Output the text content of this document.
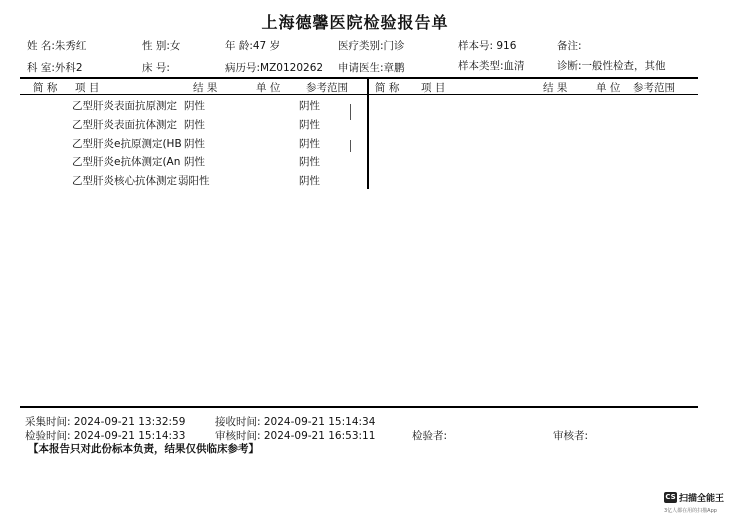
上海德馨医院检验报告单
姓 名:朱秀红	性 别:女	年 龄:47 岁	医疗类别:门诊	样本号: 916	备注:
科 室:外科2	床 号:	病历号:MZ0120262 申请医生:章鹏	样本类型:血清	诊断:一般性检查，其他
简 称 项 目	结 果	单 位 参考范围	简 称 项 目	结 果	单 位 参考范围
乙型肝炎表面抗原测定 阴性	阴性
乙型肝炎表面抗体测定 阴性	阴性
乙型肝炎e抗原测定(HB 阴性	阴性
乙型肝炎e抗体测定(An 阴性	阴性
乙型肝炎核心抗体测定 弱阳性	阴性
采集时间: 2024-09-21 13:32:59	接收时间: 2024-09-21 15:14:34
检验时间: 2024-09-21 15:14:33	审核时间: 2024-09-21 16:53:11	检验者:	审核者:
【本报告只对此份标本负责，结果仅供临床参考】
CS 扫描全能王
3亿人都在用的扫描App
